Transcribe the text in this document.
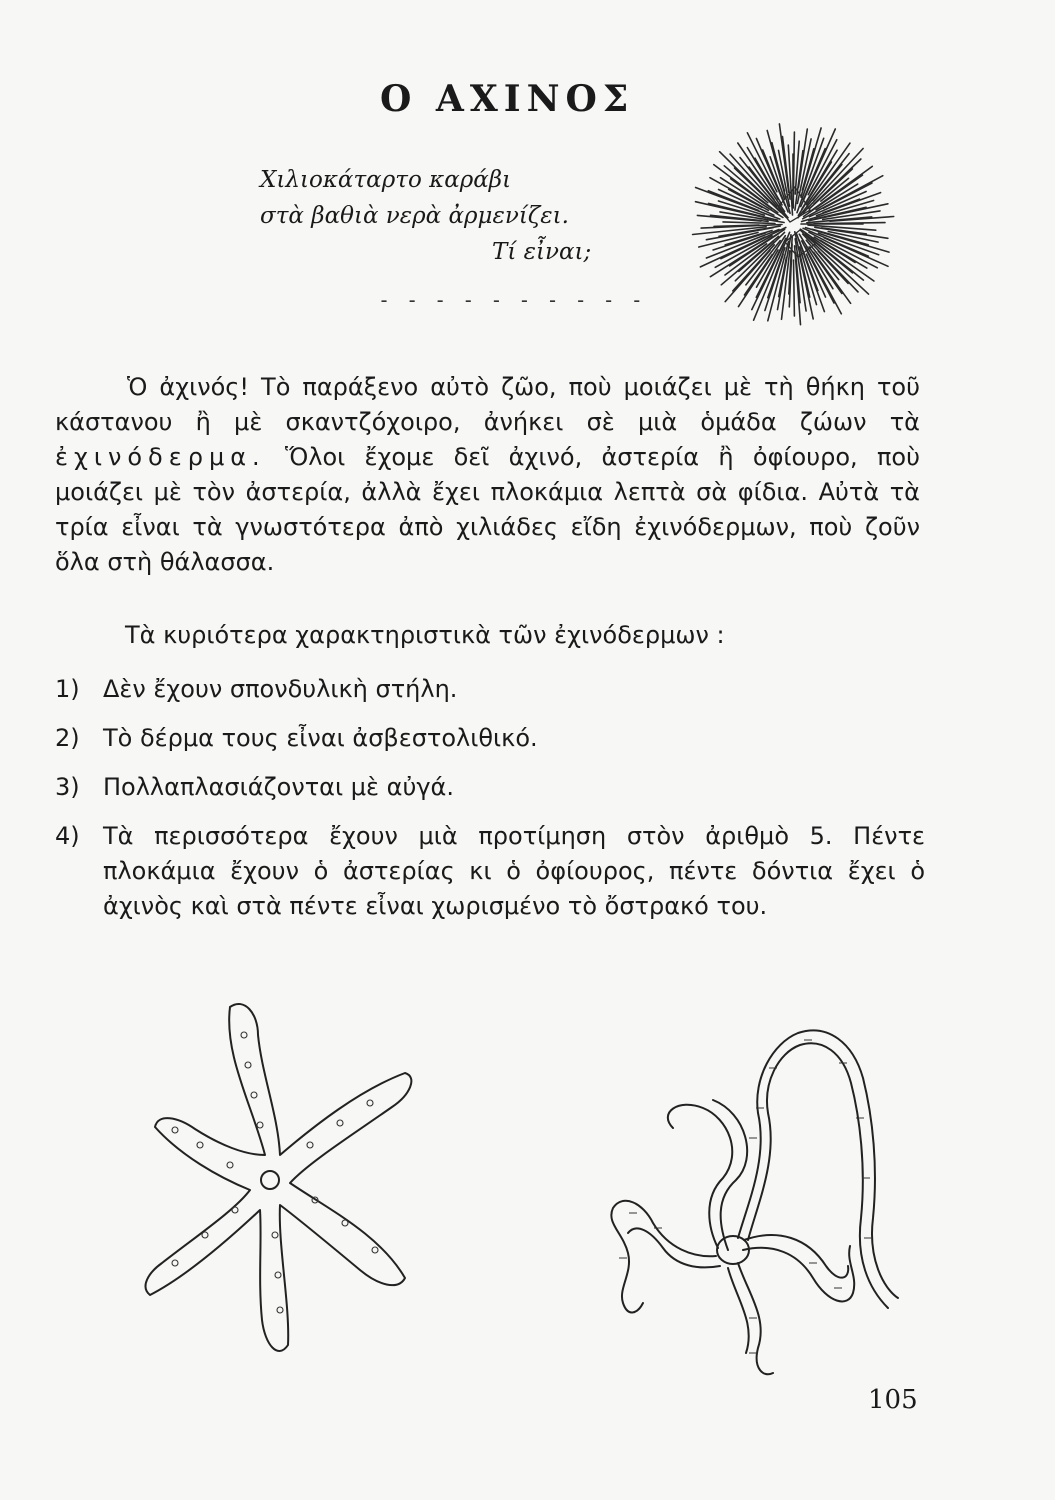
Ο ΑΧΙΝΟΣ
Χιλιοκάταρτο καράβι
στὰ βαθιὰ νερὰ ἀρμενίζει.
Τί εἶναι;
- - - - - - - - - -
Ὁ ἀχινός! Τὸ παράξενο αὐτὸ ζῶο, ποὺ μοιάζει μὲ τὴ θήκη τοῦ κάστανου ἢ μὲ σκαντζόχοιρο, ἀνήκει σὲ μιὰ ὁμάδα ζώων τὰ ἐχινόδερμα. Ὅλοι ἔχομε δεῖ ἀχινό, ἀστερία ἢ ὀφίουρο, ποὺ μοιάζει μὲ τὸν ἀστερία, ἀλλὰ ἔχει πλοκάμια λεπτὰ σὰ φίδια. Αὐτὰ τὰ τρία εἶναι τὰ γνωστότερα ἀπὸ χιλιάδες εἴδη ἐχινόδερμων, ποὺ ζοῦν ὅλα στὴ θάλασσα.
Τὰ κυριότερα χαρακτηριστικὰ τῶν ἐχινόδερμων :
1) Δὲν ἔχουν σπονδυλικὴ στήλη.
2) Τὸ δέρμα τους εἶναι ἀσβεστολιθικό.
3) Πολλαπλασιάζονται μὲ αὐγά.
4) Τὰ περισσότερα ἔχουν μιὰ προτίμηση στὸν ἀριθμὸ 5. Πέντε πλοκάμια ἔχουν ὁ ἀστερίας κι ὁ ὀφίουρος, πέντε δόντια ἔχει ὁ ἀχινὸς καὶ στὰ πέντε εἶναι χωρισμένο τὸ ὄστρακό του.
105
